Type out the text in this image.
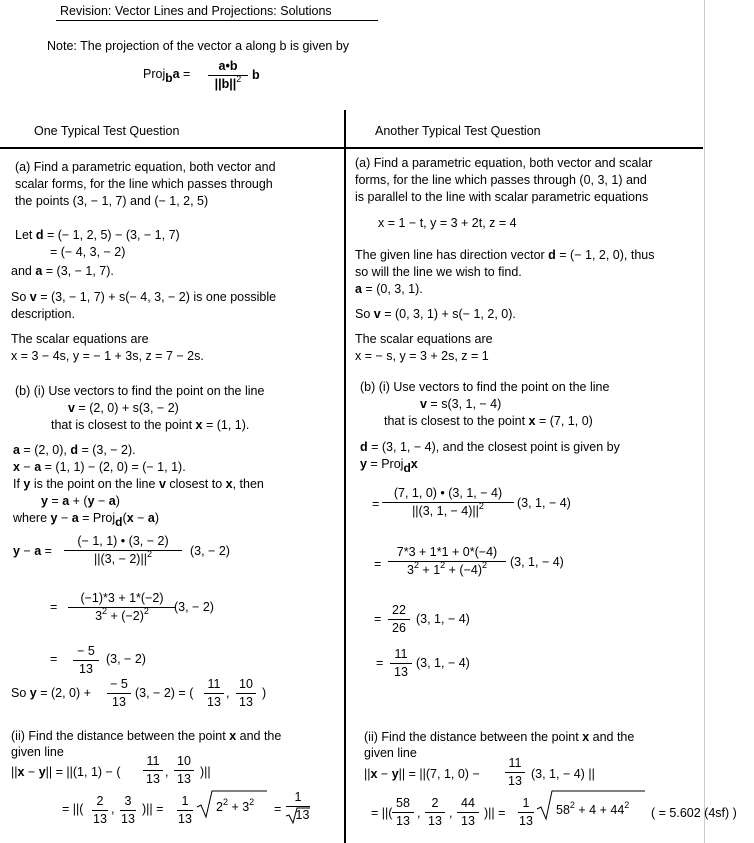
Revision: Vector Lines and Projections: Solutions
Note: The projection of the vector a along b is given by
Projba =
a•b
$||b||^2$ b
One Typical Test Question	Another Typical Test Question
(a) Find a parametric equation, both vector and
scalar forms, for the line which passes through
the points (3, − 1, 7) and (− 1, 2, 5)
Let d = (− 1, 2, 5) − (3, − 1, 7)
= (− 4, 3, − 2)
and a = (3, − 1, 7).
So v = (3, − 1, 7) + s(− 4, 3, − 2) is one possible
description.
The scalar equations are
x = 3 − 4s, y = − 1 + 3s, z = 7 − 2s.
(b) (i) Use vectors to find the point on the line
v = (2, 0) + s(3, − 2)
that is closest to the point x = (1, 1).
a = (2, 0), d = (3, − 2).
x − a = (1, 1) − (2, 0) = (− 1, 1).
If y is the point on the line v closest to x, then
y = a + (y − a)
where y − a = Projd(x − a)
y − a =
(− 1, 1) • (3, − 2)
||(3, − $2)||^2$	(3, − 2)
=
(−1)*3 + 1*(−2)
$3^2 + (-2)^2$	(3, − 2)
=
− 5
13
(3, − 2)
So y = (2, 0) +
− 5
13
(3, − 2) = (
11
13
,
10
13
)
(ii) Find the distance between the point x and the
given line
||x − y|| = ||(1, 1) − (
11
13 ,
10
13 )||
= ||(
2
13
,
3
13
)|| =
1
13
$2^2 + 3^2$ =
1
13
(a) Find a parametric equation, both vector and scalar
forms, for the line which passes through (0, 3, 1) and
is parallel to the line with scalar parametric equations
x = 1 − t, y = 3 + 2t, z = 4
The given line has direction vector d = (− 1, 2, 0), thus
so will the line we wish to find.
a = (0, 3, 1).
So v = (0, 3, 1) + s(− 1, 2, 0).
The scalar equations are
x = − s, y = 3 + 2s, z = 1
(b) (i) Use vectors to find the point on the line
v = s(3, 1, − 4)
that is closest to the point x = (7, 1, 0)
d = (3, 1, − 4), and the closest point is given by
y = Projdx
=
(7, 1, 0) • (3, 1, − 4)
||(3, 1, − $4)||^2$	(3, 1, − 4)
=
7*3 + 1*1 + 0*(−4)
$3^2 + 1^2 + (-4)^2$	(3, 1, − 4)
=
22
26
(3, 1, − 4)
=
11
13
(3, 1, − 4)
(ii) Find the distance between the point x and the
given line
||x − y|| = ||(7, 1, 0) −
11
13 (3, 1, − 4) ||
= ||(
58
13
,
2
13
,
44
13
)|| =
1
13
$58^2 + 4 + 44^2$
( = 5.602 (4sf) )
